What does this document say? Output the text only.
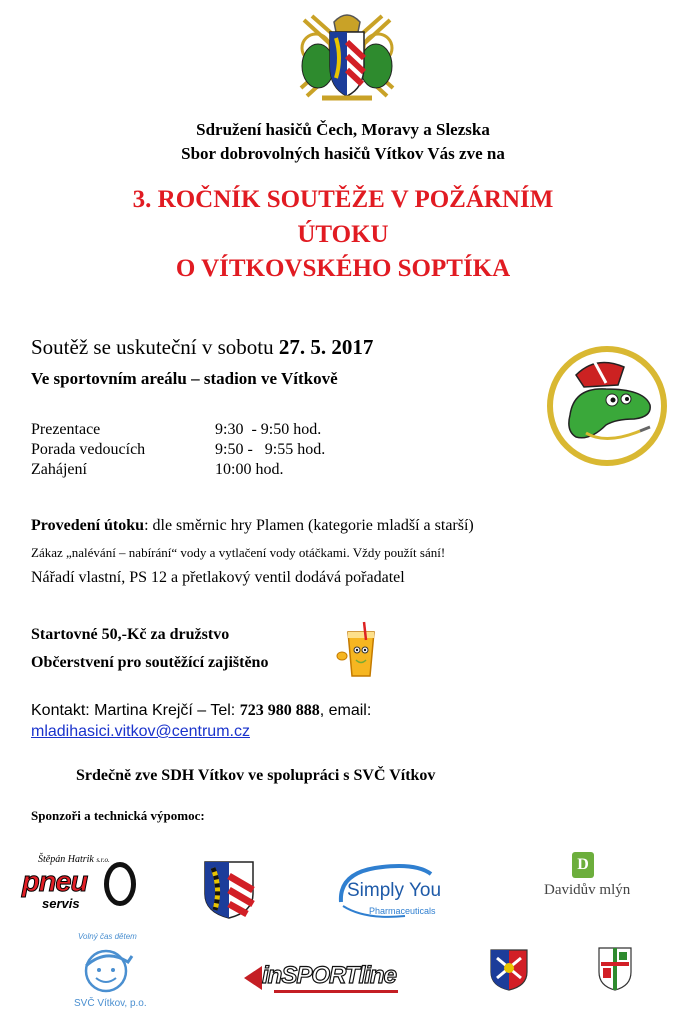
Sdružení hasičů Čech, Moravy a Slezska
Sbor dobrovolných hasičů Vítkov Vás zve na
3. ROČNÍK SOUTĚŽE V POŽÁRNÍM
ÚTOKU
O VÍTKOVSKÉHO SOPTÍKA
Soutěž se uskuteční v sobotu 27. 5. 2017
Ve sportovním areálu – stadion ve Vítkově
Prezentace	9:30  - 9:50 hod.
Porada vedoucích	9:50 -   9:55 hod.
Zahájení	10:00 hod.
Provedení útoku: dle směrnic hry Plamen (kategorie mladší a starší)
Zákaz „nalévání – nabírání“ vody a vytlačení vody otáčkami. Vždy použít sání!
Nářadí vlastní, PS 12 a přetlakový ventil dodává pořadatel
Startovné 50,-Kč za družstvo
Občerstvení pro soutěžící zajištěno
Kontakt: Martina Krejčí – Tel: 723 980 888, email:
mladihasici.vitkov@centrum.cz
Srdečně zve SDH Vítkov ve spolupráci s SVČ Vítkov
Sponzoři a technická výpomoc:
Štěpán Hatrik s.r.o.
pneu
servis
Simply You
Pharmaceuticals
D
Davidův mlýn
Volný čas dětem
SVČ Vítkov, p.o.
inSPORTline
